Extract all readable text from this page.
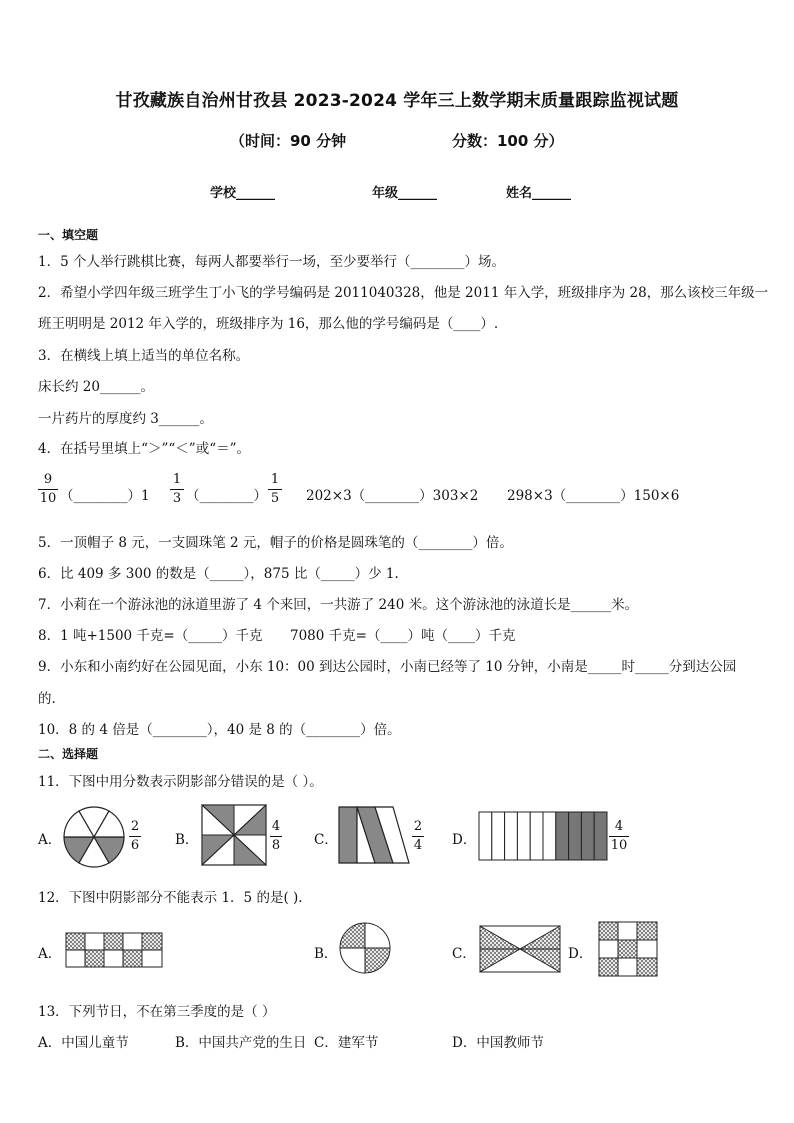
甘孜藏族自治州甘孜县 2023-2024 学年三上数学期末质量跟踪监视试题
（时间：90 分钟	分数：100 分）
学校______	年级______	姓名______
一、填空题
1．5 个人举行跳棋比赛，每两人都要举行一场，至少要举行（________）场。
2．希望小学四年级三班学生丁小飞的学号编码是 2011040328，他是 2011 年入学，班级排序为 28，那么该校三年级一
班王明明是 2012 年入学的，班级排序为 16，那么他的学号编码是（____）.
3．在横线上填上适当的单位名称。
床长约 20______。
一片药片的厚度约 3______。
4．在括号里填上“＞”“＜”或“＝”。
9
10 （________）1
1
3 （________）
1
5 202×3（________）303×2 298×3（________）150×6
5．一顶帽子 8 元，一支圆珠笔 2 元，帽子的价格是圆珠笔的（________）倍。
6．比 409 多 300 的数是（_____），875 比（_____）少 1.
7．小莉在一个游泳池的泳道里游了 4 个来回，一共游了 240 米。这个游泳池的泳道长是______米。
8．1 吨+1500 千克=（_____）千克 7080 千克=（____）吨（____）千克
9．小东和小南约好在公园见面，小东 10：00 到达公园时，小南已经等了 10 分钟，小南是_____时_____分到达公园
的.
10．8 的 4 倍是（________），40 是 8 的（________）倍。
二、选择题
11．下图中用分数表示阴影部分错误的是（ ）。
A．
2
6	B．
4
8	C．
2
4 D．
4
10
12．下图中阴影部分不能表示 1．5 的是( ).
A．	B．	C．	D．
13．下列节日，不在第三季度的是（ ）
A．中国儿童节	B．中国共产党的生日 C．建军节	D．中国教师节
